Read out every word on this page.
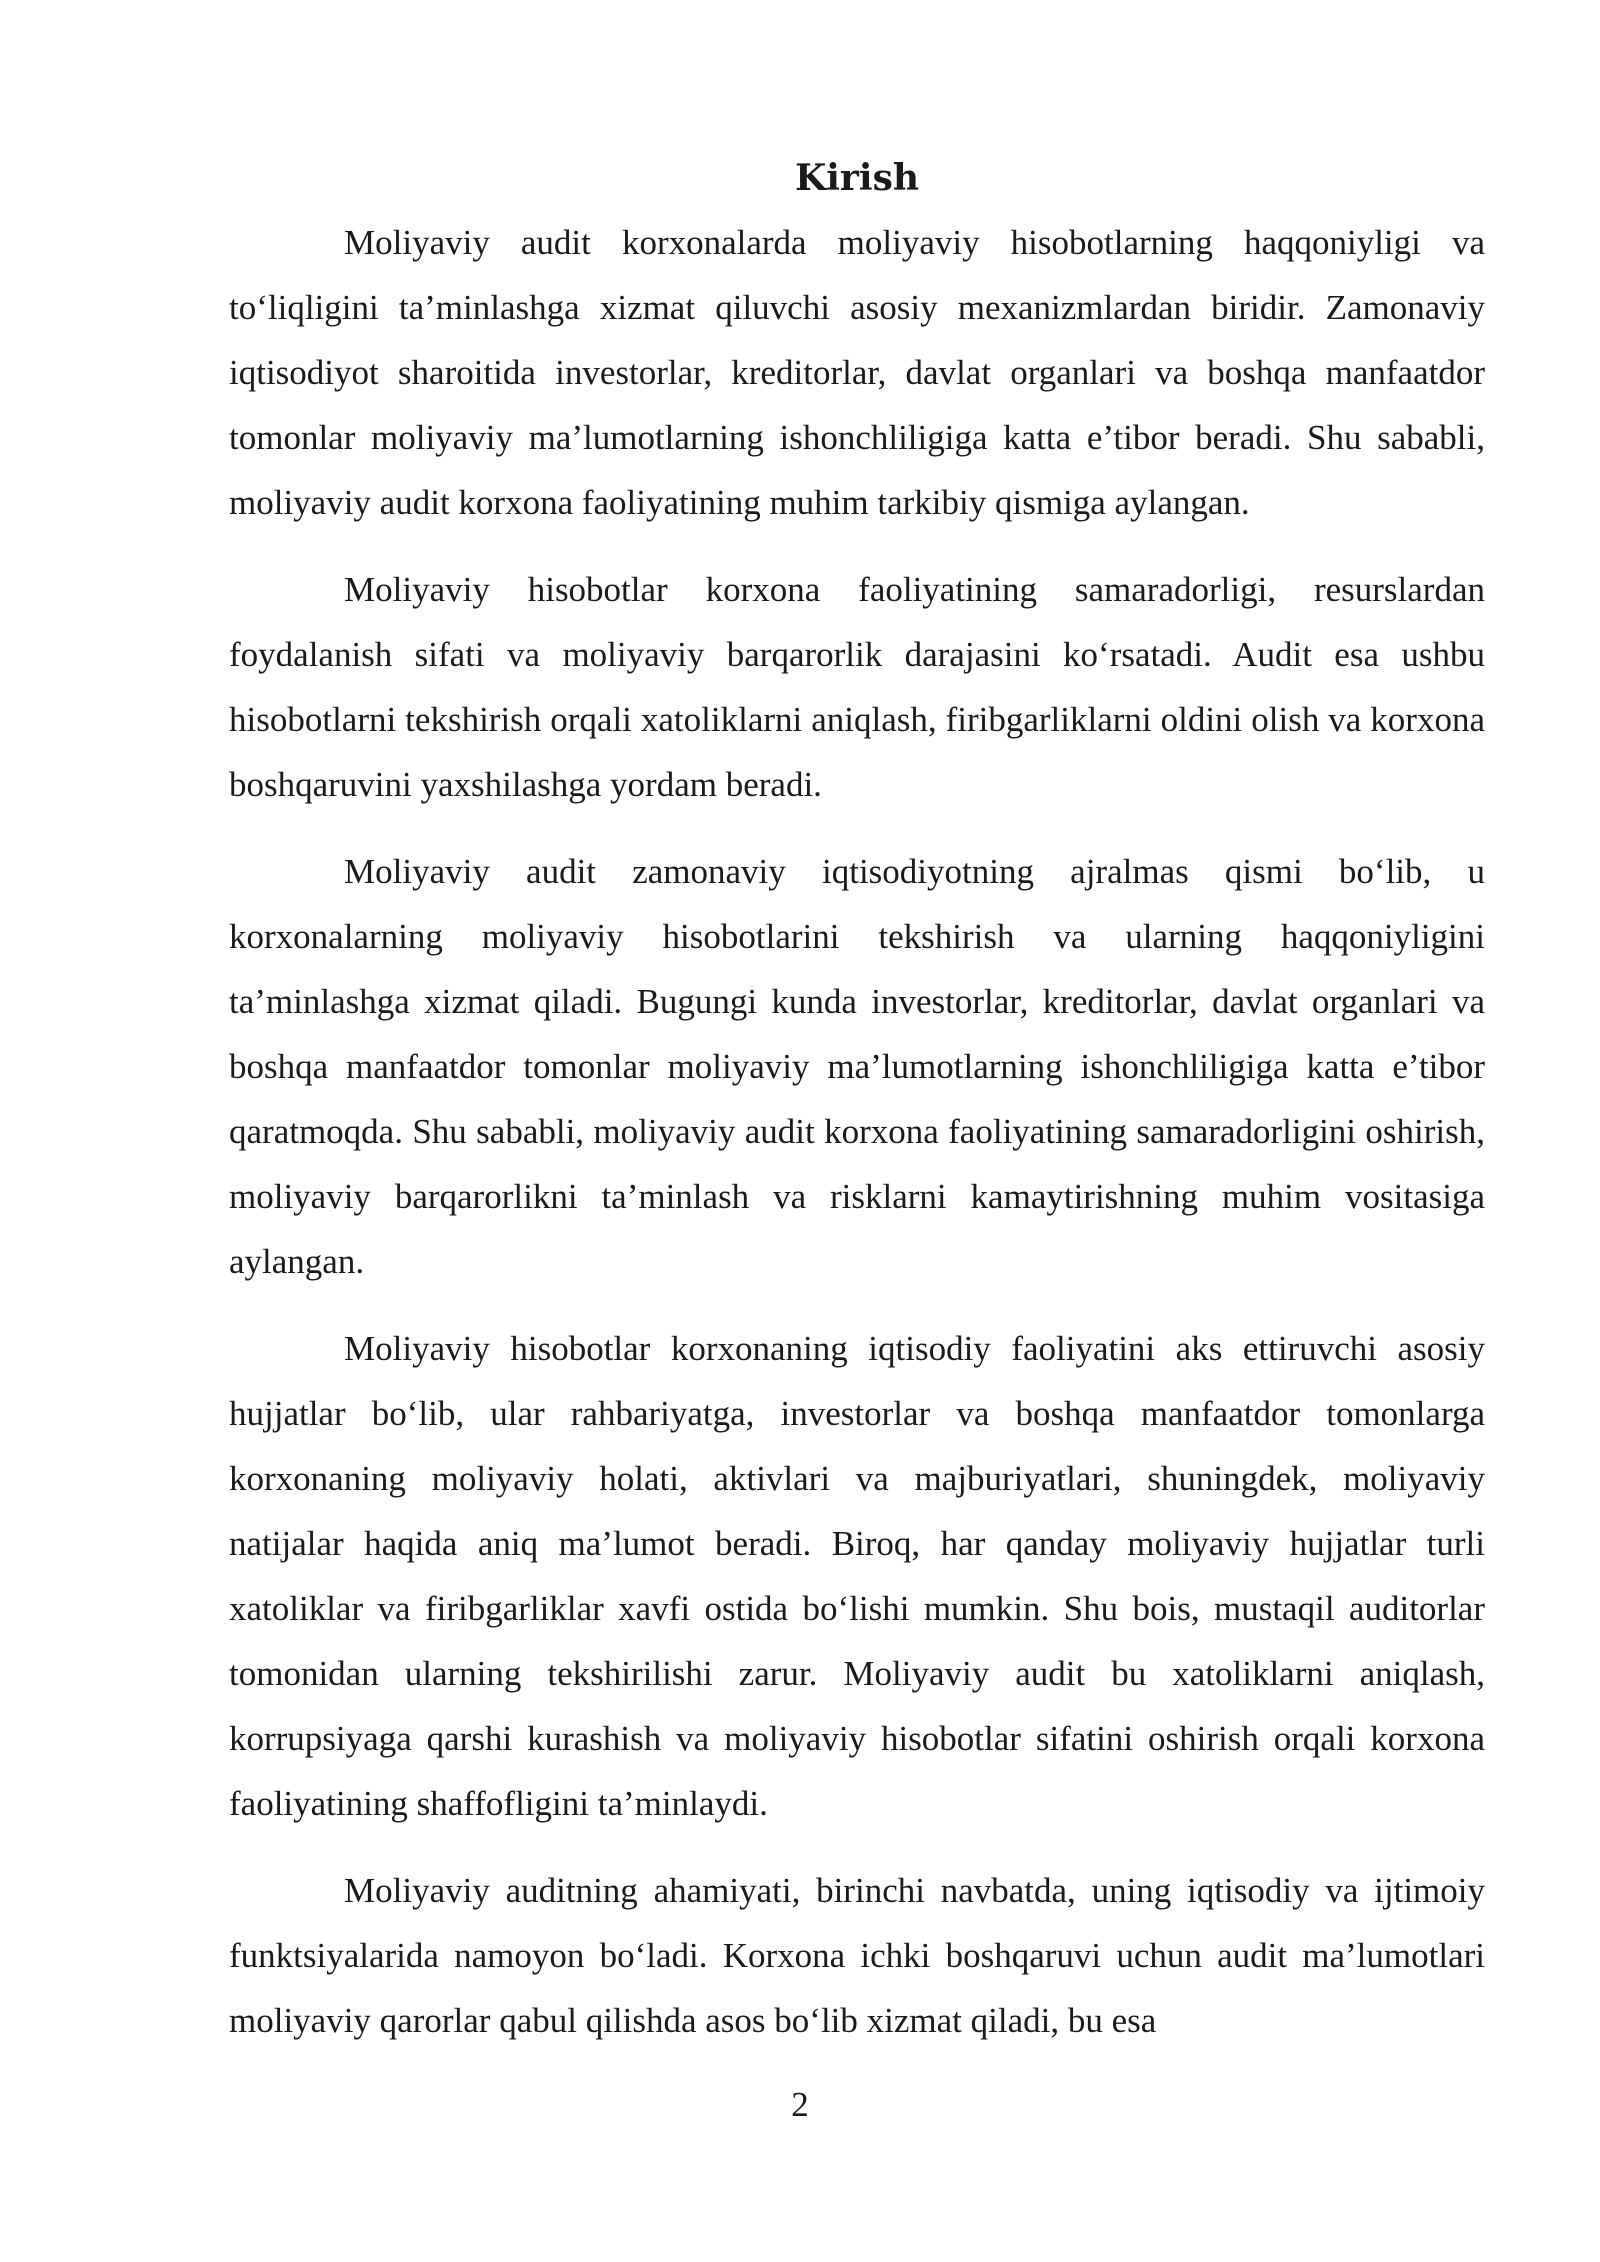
Kirish

Moliyaviy audit korxonalarda moliyaviy hisobotlarning haqqoniyligi va to‘liqligini ta’minlashga xizmat qiluvchi asosiy mexanizmlardan biridir. Zamonaviy iqtisodiyot sharoitida investorlar, kreditorlar, davlat organlari va boshqa manfaatdor tomonlar moliyaviy ma’lumotlarning ishonchliligiga katta e’tibor beradi. Shu sababli, moliyaviy audit korxona faoliyatining muhim tarkibiy qismiga aylangan.

Moliyaviy hisobotlar korxona faoliyatining samaradorligi, resurslardan foydalanish sifati va moliyaviy barqarorlik darajasini ko‘rsatadi. Audit esa ushbu hisobotlarni tekshirish orqali xatoliklarni aniqlash, firibgarliklarni oldini olish va korxona boshqaruvini yaxshilashga yordam beradi.

Moliyaviy audit zamonaviy iqtisodiyotning ajralmas qismi bo‘lib, u korxonalarning moliyaviy hisobotlarini tekshirish va ularning haqqoniyligini ta’minlashga xizmat qiladi. Bugungi kunda investorlar, kreditorlar, davlat organlari va boshqa manfaatdor tomonlar moliyaviy ma’lumotlarning ishonchliligiga katta e’tibor qaratmoqda. Shu sababli, moliyaviy audit korxona faoliyatining samaradorligini oshirish, moliyaviy barqarorlikni ta’minlash va risklarni kamaytirishning muhim vositasiga aylangan.

Moliyaviy hisobotlar korxonaning iqtisodiy faoliyatini aks ettiruvchi asosiy hujjatlar bo‘lib, ular rahbariyatga, investorlar va boshqa manfaatdor tomonlarga korxonaning moliyaviy holati, aktivlari va majburiyatlari, shuningdek, moliyaviy natijalar haqida aniq ma’lumot beradi. Biroq, har qanday moliyaviy hujjatlar turli xatoliklar va firibgarliklar xavfi ostida bo‘lishi mumkin. Shu bois, mustaqil auditorlar tomonidan ularning tekshirilishi zarur. Moliyaviy audit bu xatoliklarni aniqlash, korrupsiyaga qarshi kurashish va moliyaviy hisobotlar sifatini oshirish orqali korxona faoliyatining shaffofligini ta’minlaydi.

Moliyaviy auditning ahamiyati, birinchi navbatda, uning iqtisodiy va ijtimoiy funktsiyalarida namoyon bo‘ladi. Korxona ichki boshqaruvi uchun audit ma’lumotlari moliyaviy qarorlar qabul qilishda asos bo‘lib xizmat qiladi, bu esa

2
